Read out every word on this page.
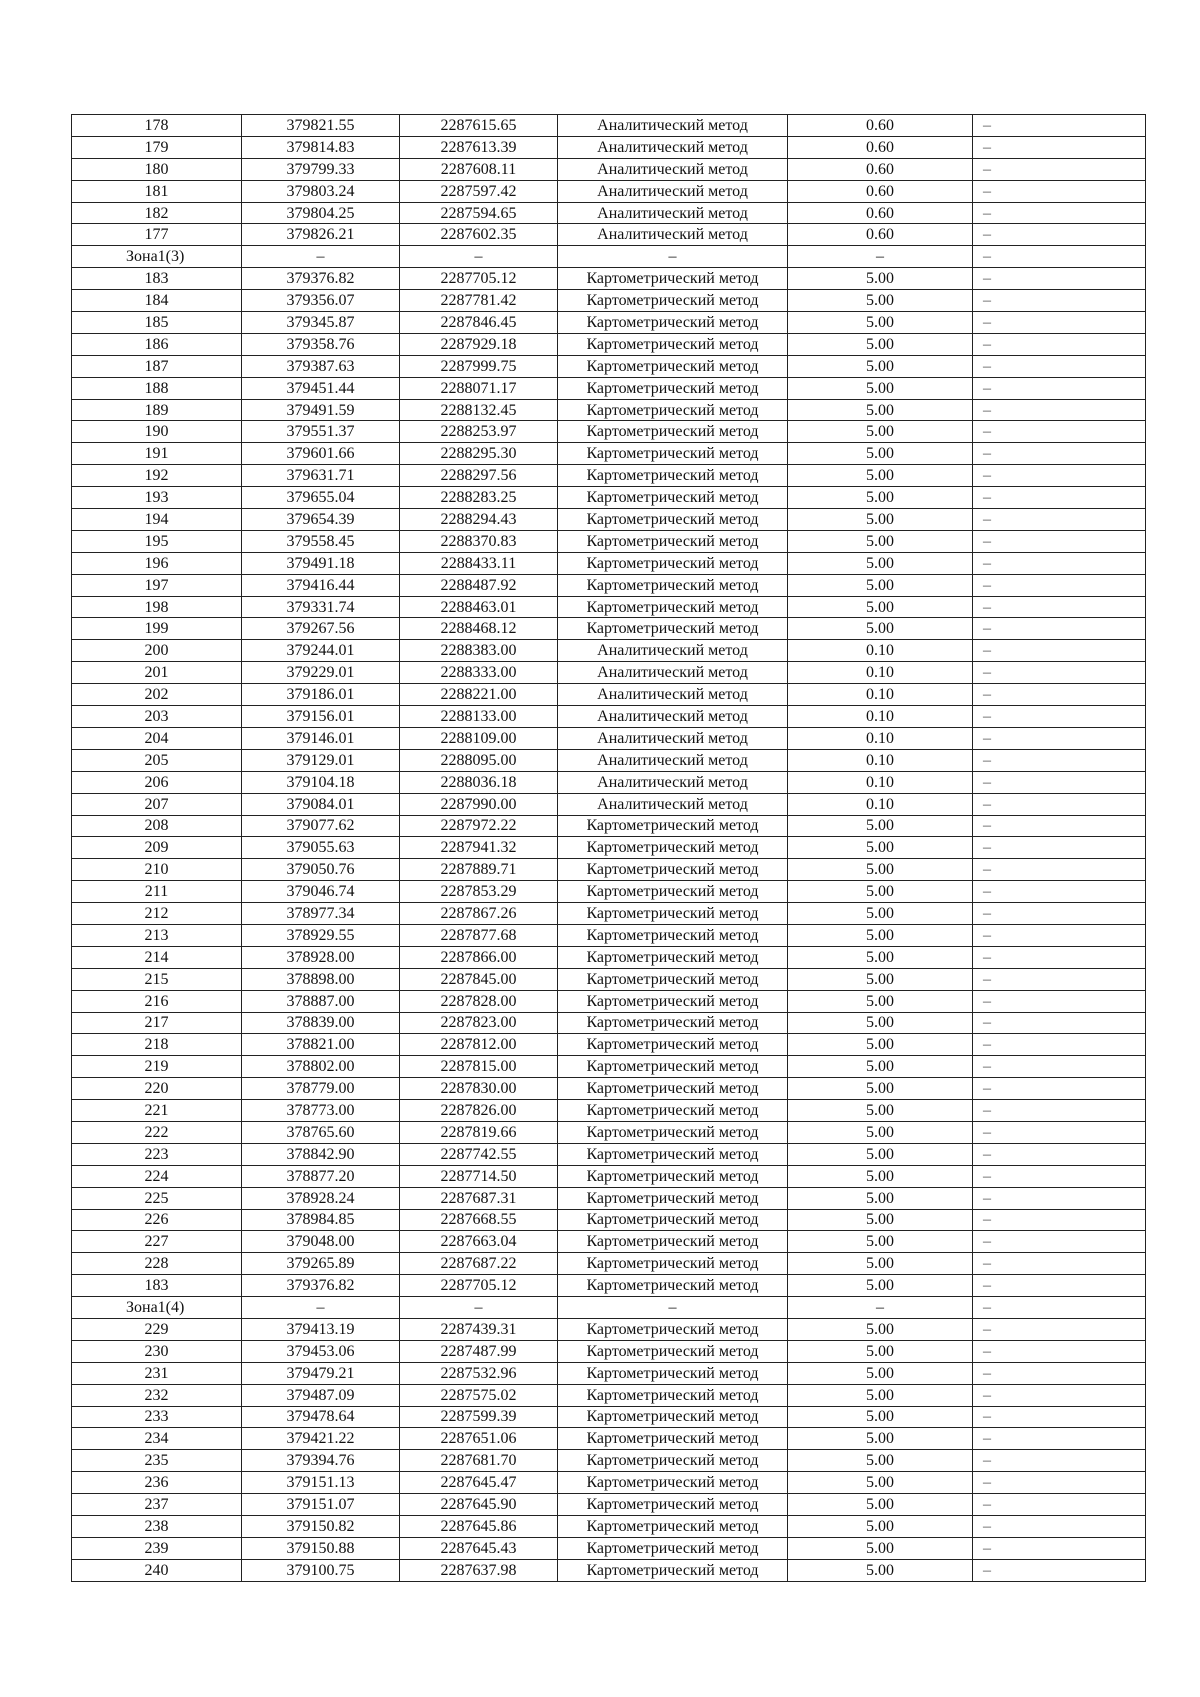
178	379821.55	2287615.65	Аналитический метод	0.60	–
179	379814.83	2287613.39	Аналитический метод	0.60	–
180	379799.33	2287608.11	Аналитический метод	0.60	–
181	379803.24	2287597.42	Аналитический метод	0.60	–
182	379804.25	2287594.65	Аналитический метод	0.60	–
177	379826.21	2287602.35	Аналитический метод	0.60	–
Зона1(3)	–	–	–	–	–
183	379376.82	2287705.12	Картометрический метод	5.00	–
184	379356.07	2287781.42	Картометрический метод	5.00	–
185	379345.87	2287846.45	Картометрический метод	5.00	–
186	379358.76	2287929.18	Картометрический метод	5.00	–
187	379387.63	2287999.75	Картометрический метод	5.00	–
188	379451.44	2288071.17	Картометрический метод	5.00	–
189	379491.59	2288132.45	Картометрический метод	5.00	–
190	379551.37	2288253.97	Картометрический метод	5.00	–
191	379601.66	2288295.30	Картометрический метод	5.00	–
192	379631.71	2288297.56	Картометрический метод	5.00	–
193	379655.04	2288283.25	Картометрический метод	5.00	–
194	379654.39	2288294.43	Картометрический метод	5.00	–
195	379558.45	2288370.83	Картометрический метод	5.00	–
196	379491.18	2288433.11	Картометрический метод	5.00	–
197	379416.44	2288487.92	Картометрический метод	5.00	–
198	379331.74	2288463.01	Картометрический метод	5.00	–
199	379267.56	2288468.12	Картометрический метод	5.00	–
200	379244.01	2288383.00	Аналитический метод	0.10	–
201	379229.01	2288333.00	Аналитический метод	0.10	–
202	379186.01	2288221.00	Аналитический метод	0.10	–
203	379156.01	2288133.00	Аналитический метод	0.10	–
204	379146.01	2288109.00	Аналитический метод	0.10	–
205	379129.01	2288095.00	Аналитический метод	0.10	–
206	379104.18	2288036.18	Аналитический метод	0.10	–
207	379084.01	2287990.00	Аналитический метод	0.10	–
208	379077.62	2287972.22	Картометрический метод	5.00	–
209	379055.63	2287941.32	Картометрический метод	5.00	–
210	379050.76	2287889.71	Картометрический метод	5.00	–
211	379046.74	2287853.29	Картометрический метод	5.00	–
212	378977.34	2287867.26	Картометрический метод	5.00	–
213	378929.55	2287877.68	Картометрический метод	5.00	–
214	378928.00	2287866.00	Картометрический метод	5.00	–
215	378898.00	2287845.00	Картометрический метод	5.00	–
216	378887.00	2287828.00	Картометрический метод	5.00	–
217	378839.00	2287823.00	Картометрический метод	5.00	–
218	378821.00	2287812.00	Картометрический метод	5.00	–
219	378802.00	2287815.00	Картометрический метод	5.00	–
220	378779.00	2287830.00	Картометрический метод	5.00	–
221	378773.00	2287826.00	Картометрический метод	5.00	–
222	378765.60	2287819.66	Картометрический метод	5.00	–
223	378842.90	2287742.55	Картометрический метод	5.00	–
224	378877.20	2287714.50	Картометрический метод	5.00	–
225	378928.24	2287687.31	Картометрический метод	5.00	–
226	378984.85	2287668.55	Картометрический метод	5.00	–
227	379048.00	2287663.04	Картометрический метод	5.00	–
228	379265.89	2287687.22	Картометрический метод	5.00	–
183	379376.82	2287705.12	Картометрический метод	5.00	–
Зона1(4)	–	–	–	–	–
229	379413.19	2287439.31	Картометрический метод	5.00	–
230	379453.06	2287487.99	Картометрический метод	5.00	–
231	379479.21	2287532.96	Картометрический метод	5.00	–
232	379487.09	2287575.02	Картометрический метод	5.00	–
233	379478.64	2287599.39	Картометрический метод	5.00	–
234	379421.22	2287651.06	Картометрический метод	5.00	–
235	379394.76	2287681.70	Картометрический метод	5.00	–
236	379151.13	2287645.47	Картометрический метод	5.00	–
237	379151.07	2287645.90	Картометрический метод	5.00	–
238	379150.82	2287645.86	Картометрический метод	5.00	–
239	379150.88	2287645.43	Картометрический метод	5.00	–
240	379100.75	2287637.98	Картометрический метод	5.00	–
